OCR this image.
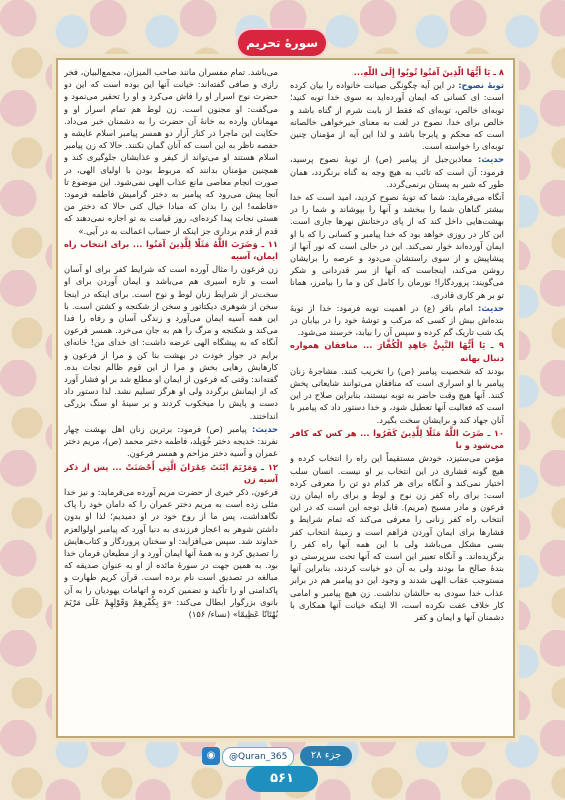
سورهٔ تحریم

۸ ـ يَا أَيُّهَا الَّذِينَ آمَنُوا تُوبُوا إِلَى اللَّهِ...

توبهٔ نصوح: در این آیه چگونگی صیانت خانواده را بیان کرده است: ای کسانی که ایمان آورده‌اید به سوی خدا توبه کنید؛ توبه‌ای خالص، توبه‌ای که فقط از بابت شرم از گناه باشد و خالص برای خدا. نصوح در لغت به معنای خیرخواهی خالصانه است که محکم و پابرجا باشد و لذا این آیه از مؤمنان چنین توبه‌ای را خواسته است.

حدیث: معاذبن‌جبل از پیامبر (ص) از توبهٔ نصوح پرسید، فرمود: آن است که تائب به هیچ وجه به گناه برنگردد، همان طور که شیر به پستان برنمی‌گردد.

آنگاه می‌فرماید: شما که توبهٔ نصوح کردید، امید است که خدا بیشتر گناهان شما را ببخشد و آنها را بپوشاند و شما را در بهشت‌هایی داخل کند که از پای درختانش نهرها جاری است. این کار در روزی خواهد بود که خدا پیامبر و کسانی را که با او ایمان آورده‌اند خوار نمی‌کند. این در حالی است که نور آنها از پیشاپیش و از سوی راستشان می‌دود و عرصه را برایشان روشن می‌کند، اینجاست که آنها از سر قدردانی و شکر می‌گویند: پروردگارا! نورمان را کامل کن و ما را بیامرز، همانا تو بر هر کاری قادری.

حدیث: امام باقر (ع) در اهمیت توبه فرمود: خدا از توبهٔ بنده‌اش بیش از کسی که مرکب و توشهٔ خود را در بیابان در یک شب تاریک گم کرده و سپس آن را بیابد، خرسند می‌شود.

۹ ـ يَا أَيُّهَا النَّبِيُّ جَاهِدِ الْكُفَّارَ ... منافقان همواره دنبال بهانه

بودند که شخصیت پیامبر (ص) را تخریب کنند. مشاجرهٔ زنان پیامبر با او اسراری است که منافقان می‌توانند شایعاتی پخش کنند. آنها هیچ وقت حاضر به توبه نیستند، بنابراین صلاح در این است که فعالیت آنها تعطیل شود، و خدا دستور داد که پیامبر با آنان جهاد کند و برایشان سخت بگیرد.

۱۰ ـ ضَرَبَ اللَّهُ مَثَلًا لِلَّذِينَ كَفَرُوا ... هر کس که کافر می‌شود و با

مؤمن می‌ستیزد، خودش مستقیماً این راه را انتخاب کرده و هیچ گونه فشاری در این انتخاب بر او نیست. انسان سلب اختیار نمی‌کند و آنگاه برای هر کدام دو تن را معرفی کرده است: برای راه کفر زن نوح و لوط و برای راه ایمان زن فرعون و مادر مسیح (مریم). قابل توجه این است که در این انتخاب راه کفر زنانی را معرفی می‌کند که تمام شرایط و فشارها برای ایمان آوردن فراهم است و زمینهٔ انتخاب کفر بسی مشکل می‌باشد ولی با این همه آنها راه کفر را برگزیده‌اند. و آنگاه تعبیر این است که آنها تحت سرپرستی دو بندهٔ صالح ما بودند ولی به آن دو خیانت کردند، بنابراین آنها مستوجب عقاب الهی شدند و وجود این دو پیامبر هم در برابر عذاب خدا سودی به حالشان نداشت. زن هیچ پیامبر و امامی کار خلاف عفت نکرده است، الا اینکه خیانت آنها همکاری با دشمنان آنها و ایمان و کفر

می‌باشد. تمام مفسران مانند صاحب المیزان، مجمع‌البیان، فخر رازی و صافی گفته‌اند: خیانت آنها این بوده است که این دو حضرت نوح اسرار او را فاش می‌کرد و او را تحقیر می‌نمود و می‌گفت: او مجنون است. زن لوط هم تمام اسرار او و مهمانان وارده به خانهٔ آن حضرت را به دشمنان خبر می‌داد. حکایت این ماجرا در کنار آزار دو همسر پیامبر اسلام عایشه و حفصه ناظر به این است که آنان گمان نکنند. حالا که زن پیامبر اسلام هستند او می‌تواند از کیفر و عذابشان جلوگیری کند و همچنین مؤمنان بدانند که مربوط بودن با اولیای الهی، در صورت انجام معاصی مانع عذاب الهی نمی‌شود. این موضوع تا آنجا پیش می‌رود که پیامبر به دختر گرامیش فاطمه فرمود: «فاطمه! این را بدان که مبادا خیال کنی حالا که دختر من هستی نجات پیدا کرده‌ای، روز قیامت به تو اجازه نمی‌دهند که قدم از قدم برداری جز اینکه از حساب اعمالت به در آیی.»

۱۱ ـ وَضَرَبَ اللَّهُ مَثَلًا لِلَّذِينَ آمَنُوا ... برای انتخاب راه ایمان، آسیه

زن فرعون را مثال آورده است که شرایط کفر برای او آسان است و تازه اسیری هم می‌باشد و ایمان آوردن برای او سخت‌تر از شرایط زنان لوط و نوح است. برای اینکه در اینجا سخن از شوهری دیکتاتور و سخن از شکنجه و کشتن است. با این همه آسیه ایمان می‌آورد و زندگی آسان و رفاه را فدا می‌کند و شکنجه و مرگ را هم به جان می‌خرد. همسر فرعون آنگاه که به پیشگاه الهی عرضه داشت: ای خدای من! خانه‌ای برایم در جوار خودت در بهشت بنا کن و مرا از فرعون و کارهایش رهایی بخش و مرا از این قوم ظالم نجات بده. گفته‌اند: وقتی که فرعون از ایمان او مطلع شد بر او فشار آورد که از ایمانش برگردد ولی او هرگز تسلیم نشد. لذا دستور داد دست و پایش را میخکوب کردند و بر سینهٔ او سنگ بزرگی انداختند.

حدیث: پیامبر (ص) فرمود: برترین زنان اهل بهشت چهار نفرند: خدیجه دختر خُوَیلد، فاطمه دختر محمد (ص)، مریم دختر عمران و آسیه دختر مزاحم و همسر فرعون.

۱۲ ـ وَمَرْيَمَ ابْنَتَ عِمْرَانَ الَّتِي أَحْصَنَتْ ... پس از ذکر آسیه زن

فرعون، ذکر خیری از حضرت مریم آورده می‌فرماید: و نیز خدا مثلی زده است به مریم دختر عمران را که دامان خود را پاک نگاهداشت، پس ما از روح خود در او دمیدیم؛ لذا او بدون داشتن شوهر به اعجاز فرزندی به دنیا آورد که پیامبر اولوالعزم خداوند شد. سپس می‌افزاید: او سخنان پروردگار و کتاب‌هایش را تصدیق کرد و به همهٔ آنها ایمان آورد و از مطیعان فرمان خدا بود. به همین جهت در سورهٔ مائده از او به عنوان صدیقه که مبالغه در تصدیق است نام برده است. قرآن کریم طهارت و پاکدامنی او را تأکید و تضمین کرده و اتهامات یهودیان را به آن بانوی بزرگوار ابطال می‌کند: «وَ بِكُفْرِهِمْ وَقَوْلِهِمْ عَلَى مَرْيَمَ بُهْتَانًا عَظِيمًا» (نساء/ ۱۵۶)

@Quran_365
◉	جزء ۲۸
۵۶۱
